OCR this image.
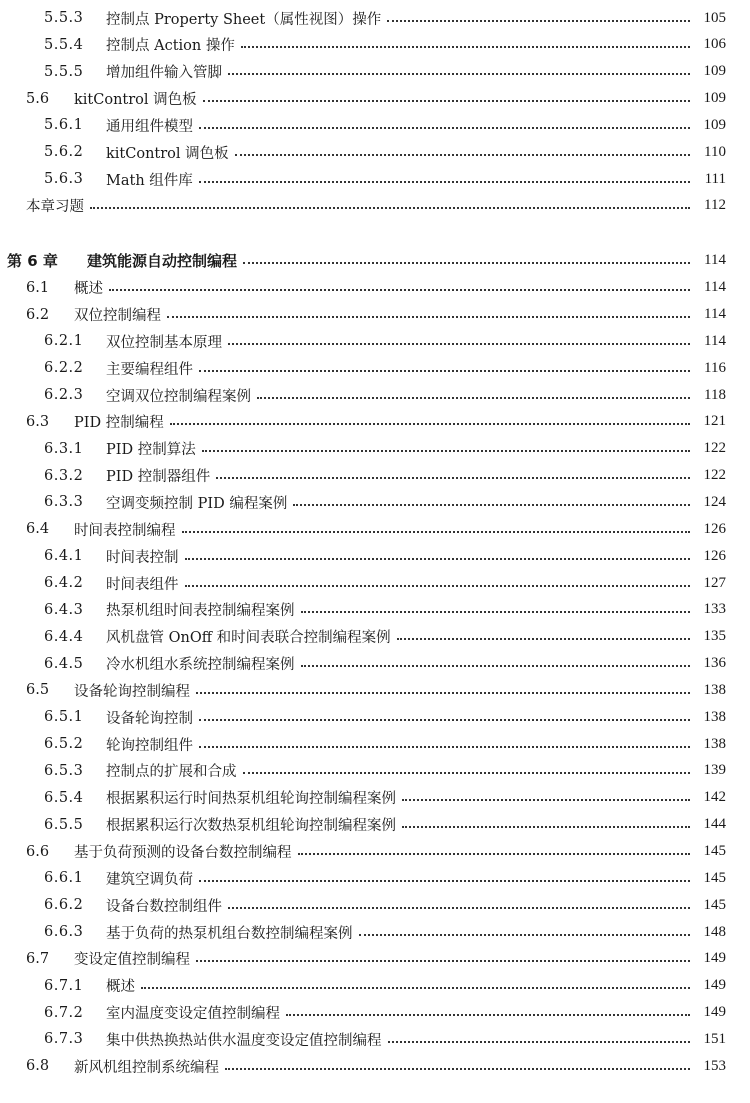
5.5.3	控制点 Property Sheet（属性视图）操作	105
5.5.4	控制点 Action 操作	106
5.5.5	增加组件输入管脚	109
5.6	kitControl 调色板	109
5.6.1	通用组件模型	109
5.6.2	kitControl 调色板	110
5.6.3	Math 组件库	111
本章习题	112
第 6 章	建筑能源自动控制编程	114
6.1	概述	114
6.2	双位控制编程	114
6.2.1	双位控制基本原理	114
6.2.2	主要编程组件	116
6.2.3	空调双位控制编程案例	118
6.3	PID 控制编程	121
6.3.1	PID 控制算法	122
6.3.2	PID 控制器组件	122
6.3.3	空调变频控制 PID 编程案例	124
6.4	时间表控制编程	126
6.4.1	时间表控制	126
6.4.2	时间表组件	127
6.4.3	热泵机组时间表控制编程案例	133
6.4.4	风机盘管 OnOff 和时间表联合控制编程案例	135
6.4.5	冷水机组水系统控制编程案例	136
6.5	设备轮询控制编程	138
6.5.1	设备轮询控制	138
6.5.2	轮询控制组件	138
6.5.3	控制点的扩展和合成	139
6.5.4	根据累积运行时间热泵机组轮询控制编程案例	142
6.5.5	根据累积运行次数热泵机组轮询控制编程案例	144
6.6	基于负荷预测的设备台数控制编程	145
6.6.1	建筑空调负荷	145
6.6.2	设备台数控制组件	145
6.6.3	基于负荷的热泵机组台数控制编程案例	148
6.7	变设定值控制编程	149
6.7.1	概述	149
6.7.2	室内温度变设定值控制编程	149
6.7.3	集中供热换热站供水温度变设定值控制编程	151
6.8	新风机组控制系统编程	153
